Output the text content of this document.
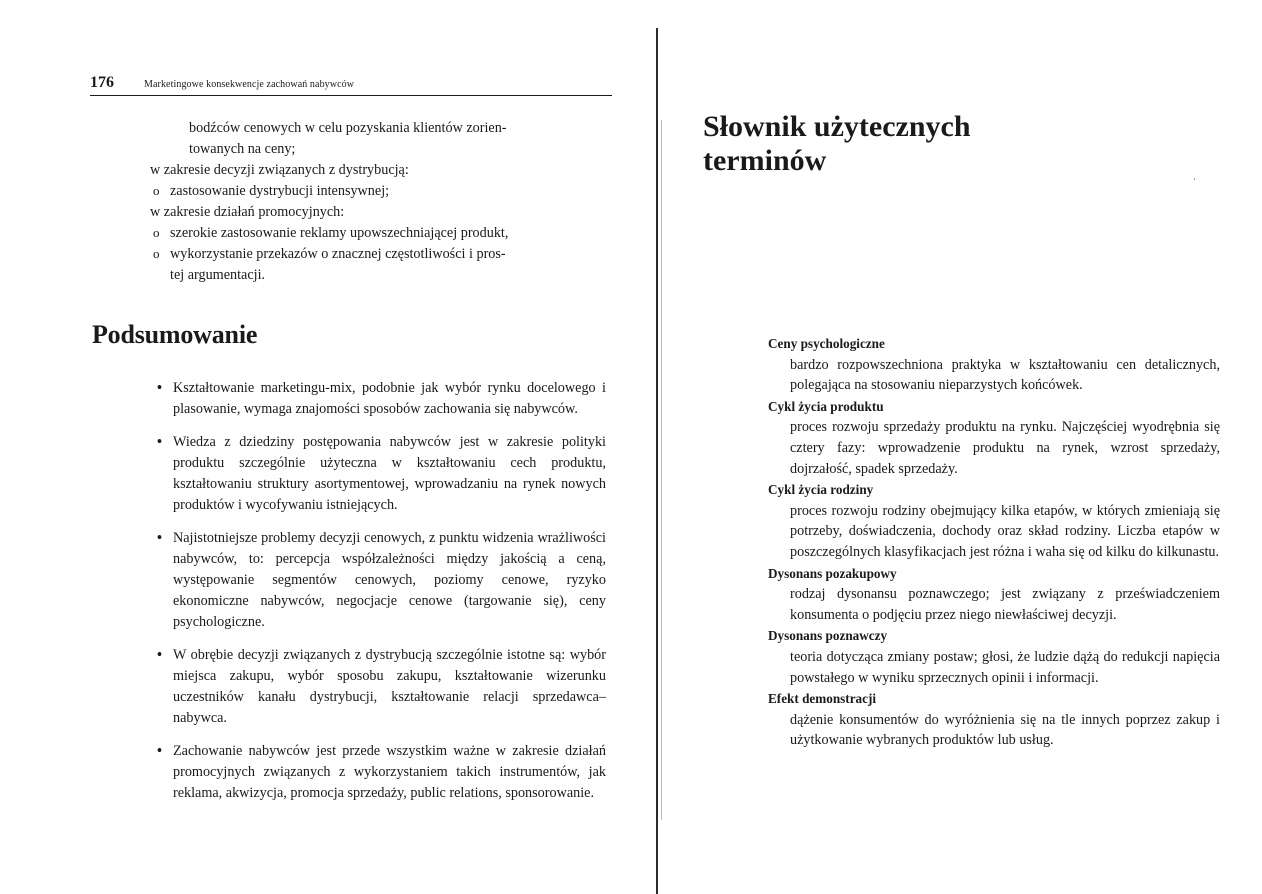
176	Marketingowe konsekwencje zachowań nabywców
bodźców cenowych w celu pozyskania klientów zorien-
towanych na ceny;
w zakresie decyzji związanych z dystrybucją:
o zastosowanie dystrybucji intensywnej;
w zakresie działań promocyjnych:
o szerokie zastosowanie reklamy upowszechniającej produkt,
o wykorzystanie przekazów o znacznej częstotliwości i pros-
tej argumentacji.
Podsumowanie
• Kształtowanie marketingu-mix, podobnie jak wybór rynku docelowego i plasowanie, wymaga znajomości sposobów zachowania się nabywców.
• Wiedza z dziedziny postępowania nabywców jest w zakresie polityki produktu szczególnie użyteczna w kształtowaniu cech produktu, kształtowaniu struktury asortymentowej, wprowadzaniu na rynek nowych produktów i wycofywaniu istniejących.
• Najistotniejsze problemy decyzji cenowych, z punktu widzenia wrażliwości nabywców, to: percepcja współzależności między jakością a ceną, występowanie segmentów cenowych, poziomy cenowe, ryzyko ekonomiczne nabywców, negocjacje cenowe (targowanie się), ceny psychologiczne.
• W obrębie decyzji związanych z dystrybucją szczególnie istotne są: wybór miejsca zakupu, wybór sposobu zakupu, kształtowanie wizerunku uczestników kanału dystrybucji, kształtowanie relacji sprzedawca–nabywca.
• Zachowanie nabywców jest przede wszystkim ważne w zakresie działań promocyjnych związanych z wykorzystaniem takich instrumentów, jak reklama, akwizycja, promocja sprzedaży, public relations, sponsorowanie.
Słownik użytecznych terminów
‘
Ceny psychologiczne
bardzo rozpowszechniona praktyka w kształtowaniu cen detalicznych, polegająca na stosowaniu nieparzystych końcówek.
Cykl życia produktu
proces rozwoju sprzedaży produktu na rynku. Najczęściej wyodrębnia się cztery fazy: wprowadzenie produktu na rynek, wzrost sprzedaży, dojrzałość, spadek sprzedaży.
Cykl życia rodziny
proces rozwoju rodziny obejmujący kilka etapów, w których zmieniają się potrzeby, doświadczenia, dochody oraz skład rodziny. Liczba etapów w poszczególnych klasyfikacjach jest różna i waha się od kilku do kilkunastu.
Dysonans pozakupowy
rodzaj dysonansu poznawczego; jest związany z przeświadczeniem konsumenta o podjęciu przez niego niewłaściwej decyzji.
Dysonans poznawczy
teoria dotycząca zmiany postaw; głosi, że ludzie dążą do redukcji napięcia powstałego w wyniku sprzecznych opinii i informacji.
Efekt demonstracji
dążenie konsumentów do wyróżnienia się na tle innych poprzez zakup i użytkowanie wybranych produktów lub usług.
